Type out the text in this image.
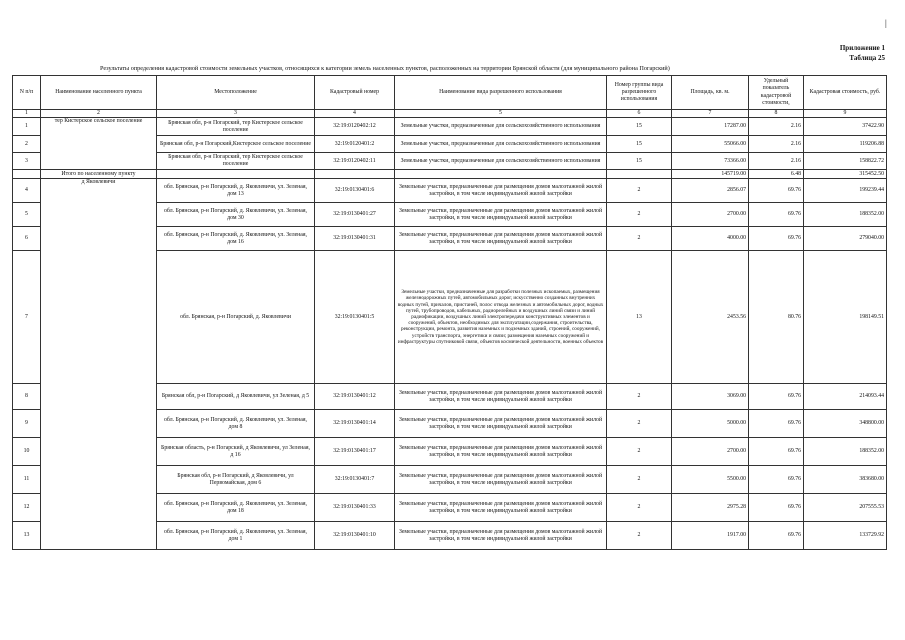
|
Приложение 1
Таблица 25
Результаты определения кадастровой стоимости земельных участков, относящихся к категории земель населенных пунктов, расположенных на территории Брянской области (для муниципального района Погарский)
N п/п	Наименование населенного пункта	Местоположение	Кадастровый номер	Наименование вида разрешенного использования	Номер группы вида разрешенного использования	Площадь, кв. м.	Удельный показатель кадастровой стоимости,	Кадастровая стоимость, руб.
1	2	3	4	5	6	7	8	9
1	тер Кистерское сельское поселение	Брянская обл, р-н Погарский, тер Кистерское сельское поселение	32:19:0120402:12	Земельные участки, предназначенные для сельскохозяйственного использования	15	17287.00	2.16	37422.90
2		Брянская обл, р-н Погарский,Кистерское сельское поселение	32:19:0120401:2	Земельные участки, предназначенные для сельскохозяйственного использования	15	55066.00	2.16	119206.88
3		Брянская обл, р-н Погарский, тер Кистерское сельское поселение	32:19:0120402:11	Земельные участки, предназначенные для сельскохозяйственного использования	15	73366.00	2.16	158822.72
	Итого по населенному пункту					145719.00	6.48	315452.50
4	д Яковлевичи	обл. Брянская, р-н Погарский, д. Яковлевичи, ул. Зеленая, дом 13	32:19:0130401:6	Земельные участки, предназначенные для размещения домов малоэтажной жилой застройки, в том числе индивидуальной жилой застройки	2	2856.07	69.76	199239.44
5		обл. Брянская, р-н Погарский, д. Яковлевичи, ул. Зеленая, дом 30	32:19:0130401:27	Земельные участки, предназначенные для размещения домов малоэтажной жилой застройки, в том числе индивидуальной жилой застройки	2	2700.00	69.76	188352.00
6		обл. Брянская, р-н Погарский, д. Яковлевичи, ул. Зеленая, дом 16	32:19:0130401:31	Земельные участки, предназначенные для размещения домов малоэтажной жилой застройки, в том числе индивидуальной жилой застройки	2	4000.00	69.76	279040.00
7		обл. Брянская, р-н Погарский, д. Яковлевичи	32:19:0130401:5	Земельные участки, предназначенные для разработки полезных ископаемых, размещения железнодорожных путей, автомобильных дорог, искусственно созданных внутренних водных путей, причалов, пристаней, полос отвода железных и автомобильных дорог, водных путей, трубопроводов, кабельных, радиорелейных и воздушных линий связи и линий радиофикации, воздушных линий электропередачи конструктивных элементов и сооружений, объектов, необходимых для эксплуатации,содержания, строительства, реконструкции, ремонта, развития наземных и подземных зданий, строений, сооружений, устройств транспорта, энергетики и связи; размещения наземных сооружений и инфраструктуры спутниковой связи, объектов космической деятельности, военных объектов	13	2453.56	80.76	198149.51
8		Брянская обл, р-н Погарский, д Яковлевичи, ул Зеленая, д 5	32:19:0130401:12	Земельные участки, предназначенные для размещения домов малоэтажной жилой застройки, в том числе индивидуальной жилой застройки	2	3069.00	69.76	214093.44
9		обл. Брянская, р-н Погарский, д. Яковлевичи, ул. Зеленая, дом 8	32:19:0130401:14	Земельные участки, предназначенные для размещения домов малоэтажной жилой застройки, в том числе индивидуальной жилой застройки	2	5000.00	69.76	348800.00
10		Брянская область, р-н Погарский, д Яковлевичи, ул Зеленая, д 16	32:19:0130401:17	Земельные участки, предназначенные для размещения домов малоэтажной жилой застройки, в том числе индивидуальной жилой застройки	2	2700.00	69.76	188352.00
11		Брянская обл, р-н Погарский, д Яковлевичи, ул Первомайская, дом 6	32:19:0130401:7	Земельные участки, предназначенные для размещения домов малоэтажной жилой застройки, в том числе индивидуальной жилой застройки	2	5500.00	69.76	383680.00
12		обл. Брянская, р-н Погарский, д. Яковлевичи, ул. Зеленая, дом 18	32:19:0130401:33	Земельные участки, предназначенные для размещения домов малоэтажной жилой застройки, в том числе индивидуальной жилой застройки	2	2975.28	69.76	207555.53
13		обл. Брянская, р-н Погарский, д. Яковлевичи, ул. Зеленая, дом 1	32:19:0130401:10	Земельные участки, предназначенные для размещения домов малоэтажной жилой застройки, в том числе индивидуальной жилой застройки	2	1917.00	69.76	133729.92
